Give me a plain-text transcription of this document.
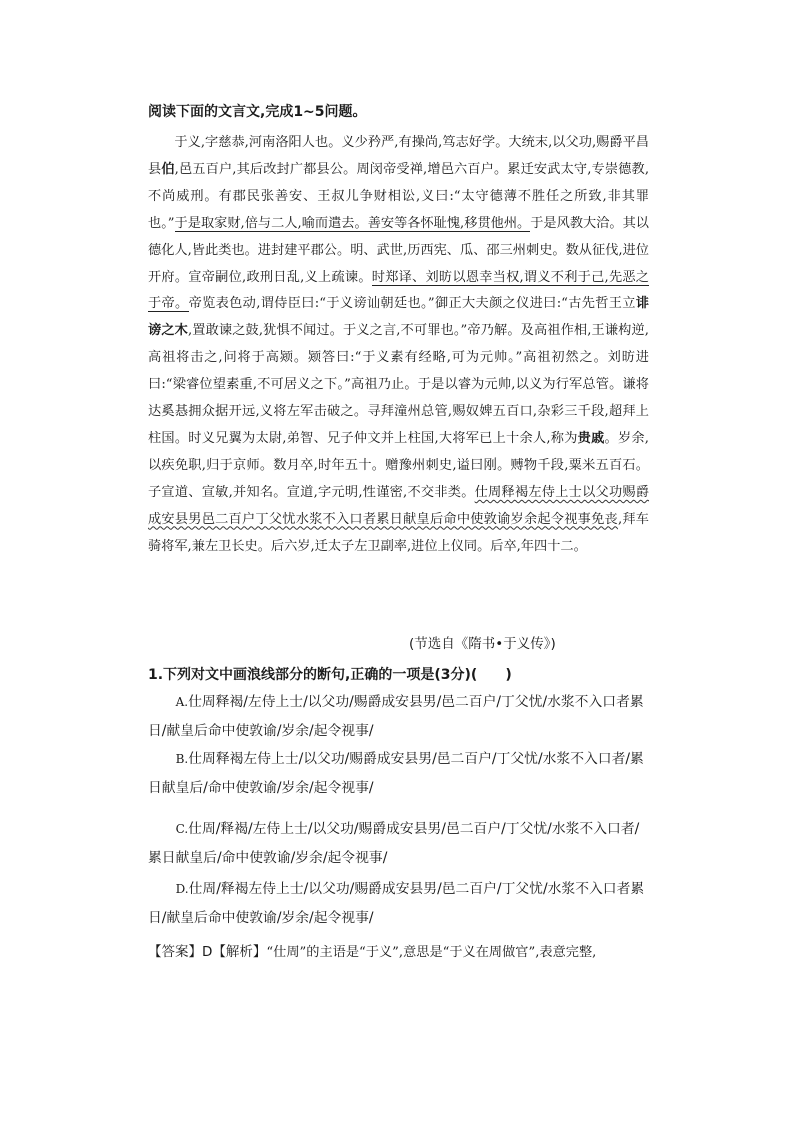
阅读下面的文言文,完成1~5问题。
于义,字慈恭,河南洛阳人也。义少矜严,有操尚,笃志好学。大统末,以父功,赐爵平昌县伯,邑五百户,其后改封广都县公。周闵帝受禅,增邑六百户。累迁安武太守,专崇德教,不尚威刑。有郡民张善安、王叔儿争财相讼,义曰:“太守德薄不胜任之所致,非其罪也。”于是取家财,倍与二人,喻而遣去。善安等各怀耻愧,移贯他州。于是风教大洽。其以德化人,皆此类也。进封建平郡公。明、武世,历西宪、瓜、邵三州刺史。数从征伐,进位开府。宣帝嗣位,政刑日乱,义上疏谏。时郑译、刘昉以恩幸当权,谓义不利于己,先恶之于帝。帝览表色动,谓侍臣曰:“于义谤讪朝廷也。”御正大夫颜之仪进曰:“古先哲王立诽谤之木,置敢谏之鼓,犹惧不闻过。于义之言,不可罪也。”帝乃解。及高祖作相,王谦构逆,高祖将击之,问将于高颎。颎答曰:“于义素有经略,可为元帅。”高祖初然之。刘昉进曰:“梁睿位望素重,不可居义之下。”高祖乃止。于是以睿为元帅,以义为行军总管。谦将达奚惎拥众据开远,义将左军击破之。寻拜潼州总管,赐奴婢五百口,杂彩三千段,超拜上柱国。时义兄翼为太尉,弟智、兄子仲文并上柱国,大将军已上十余人,称为贵戚。岁余,以疾免职,归于京师。数月卒,时年五十。赠豫州刺史,谥曰刚。赙物千段,粟米五百石。子宣道、宣敏,并知名。宣道,字元明,性谨密,不交非类。仕周释褐左侍上士以父功赐爵成安县男邑二百户丁父忧水浆不入口者累日献皇后命中使敦谕岁余起令视事免丧,拜车骑将军,兼左卫长史。后六岁,迁太子左卫副率,进位上仪同。后卒,年四十二。
(节选自《隋书•于义传》)
1.下列对文中画浪线部分的断句,正确的一项是(3分)(　　)
A.仕周释褐/左侍上士/以父功/赐爵成安县男/邑二百户/丁父忧/水浆不入口者累日/献皇后命中使敦谕/岁余/起令视事/
B.仕周释褐左侍上士/以父功/赐爵成安县男/邑二百户/丁父忧/水浆不入口者/累日献皇后/命中使敦谕/岁余/起令视事/
C.仕周/释褐/左侍上士/以父功/赐爵成安县男/邑二百户/丁父忧/水浆不入口者/累日献皇后/命中使敦谕/岁余/起令视事/
D.仕周/释褐左侍上士/以父功/赐爵成安县男/邑二百户/丁父忧/水浆不入口者累日/献皇后命中使敦谕/岁余/起令视事/
【答案】D【解析】“仕周”的主语是“于义”,意思是“于义在周做官”,表意完整,
